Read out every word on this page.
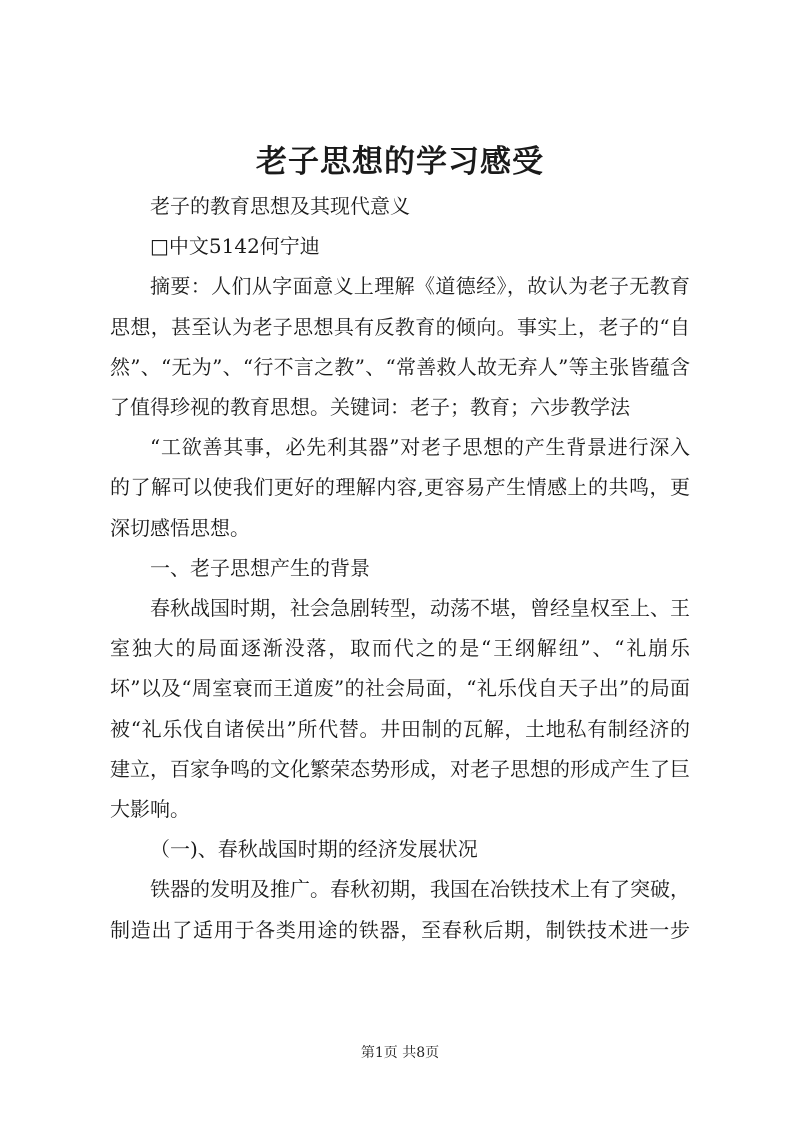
老子思想的学习感受

老子的教育思想及其现代意义

□中文5142何宁迪

摘要：人们从字面意义上理解《道德经》，故认为老子无教育思想，甚至认为老子思想具有反教育的倾向。事实上，老子的“自然”、“无为”、“行不言之教”、“常善救人故无弃人”等主张皆蕴含了值得珍视的教育思想。关键词：老子；教育；六步教学法

“工欲善其事，必先利其器”对老子思想的产生背景进行深入的了解可以使我们更好的理解内容,更容易产生情感上的共鸣，更深切感悟思想。

一、老子思想产生的背景

春秋战国时期，社会急剧转型，动荡不堪，曾经皇权至上、王室独大的局面逐渐没落，取而代之的是“王纲解纽”、“礼崩乐坏”以及“周室衰而王道废”的社会局面，“礼乐伐自天子出”的局面被“礼乐伐自诸侯出”所代替。井田制的瓦解，土地私有制经济的建立，百家争鸣的文化繁荣态势形成，对老子思想的形成产生了巨大影响。

（一)、春秋战国时期的经济发展状况

铁器的发明及推广。春秋初期，我国在冶铁技术上有了突破，制造出了适用于各类用途的铁器，至春秋后期，制铁技术进一步

第1页 共8页
